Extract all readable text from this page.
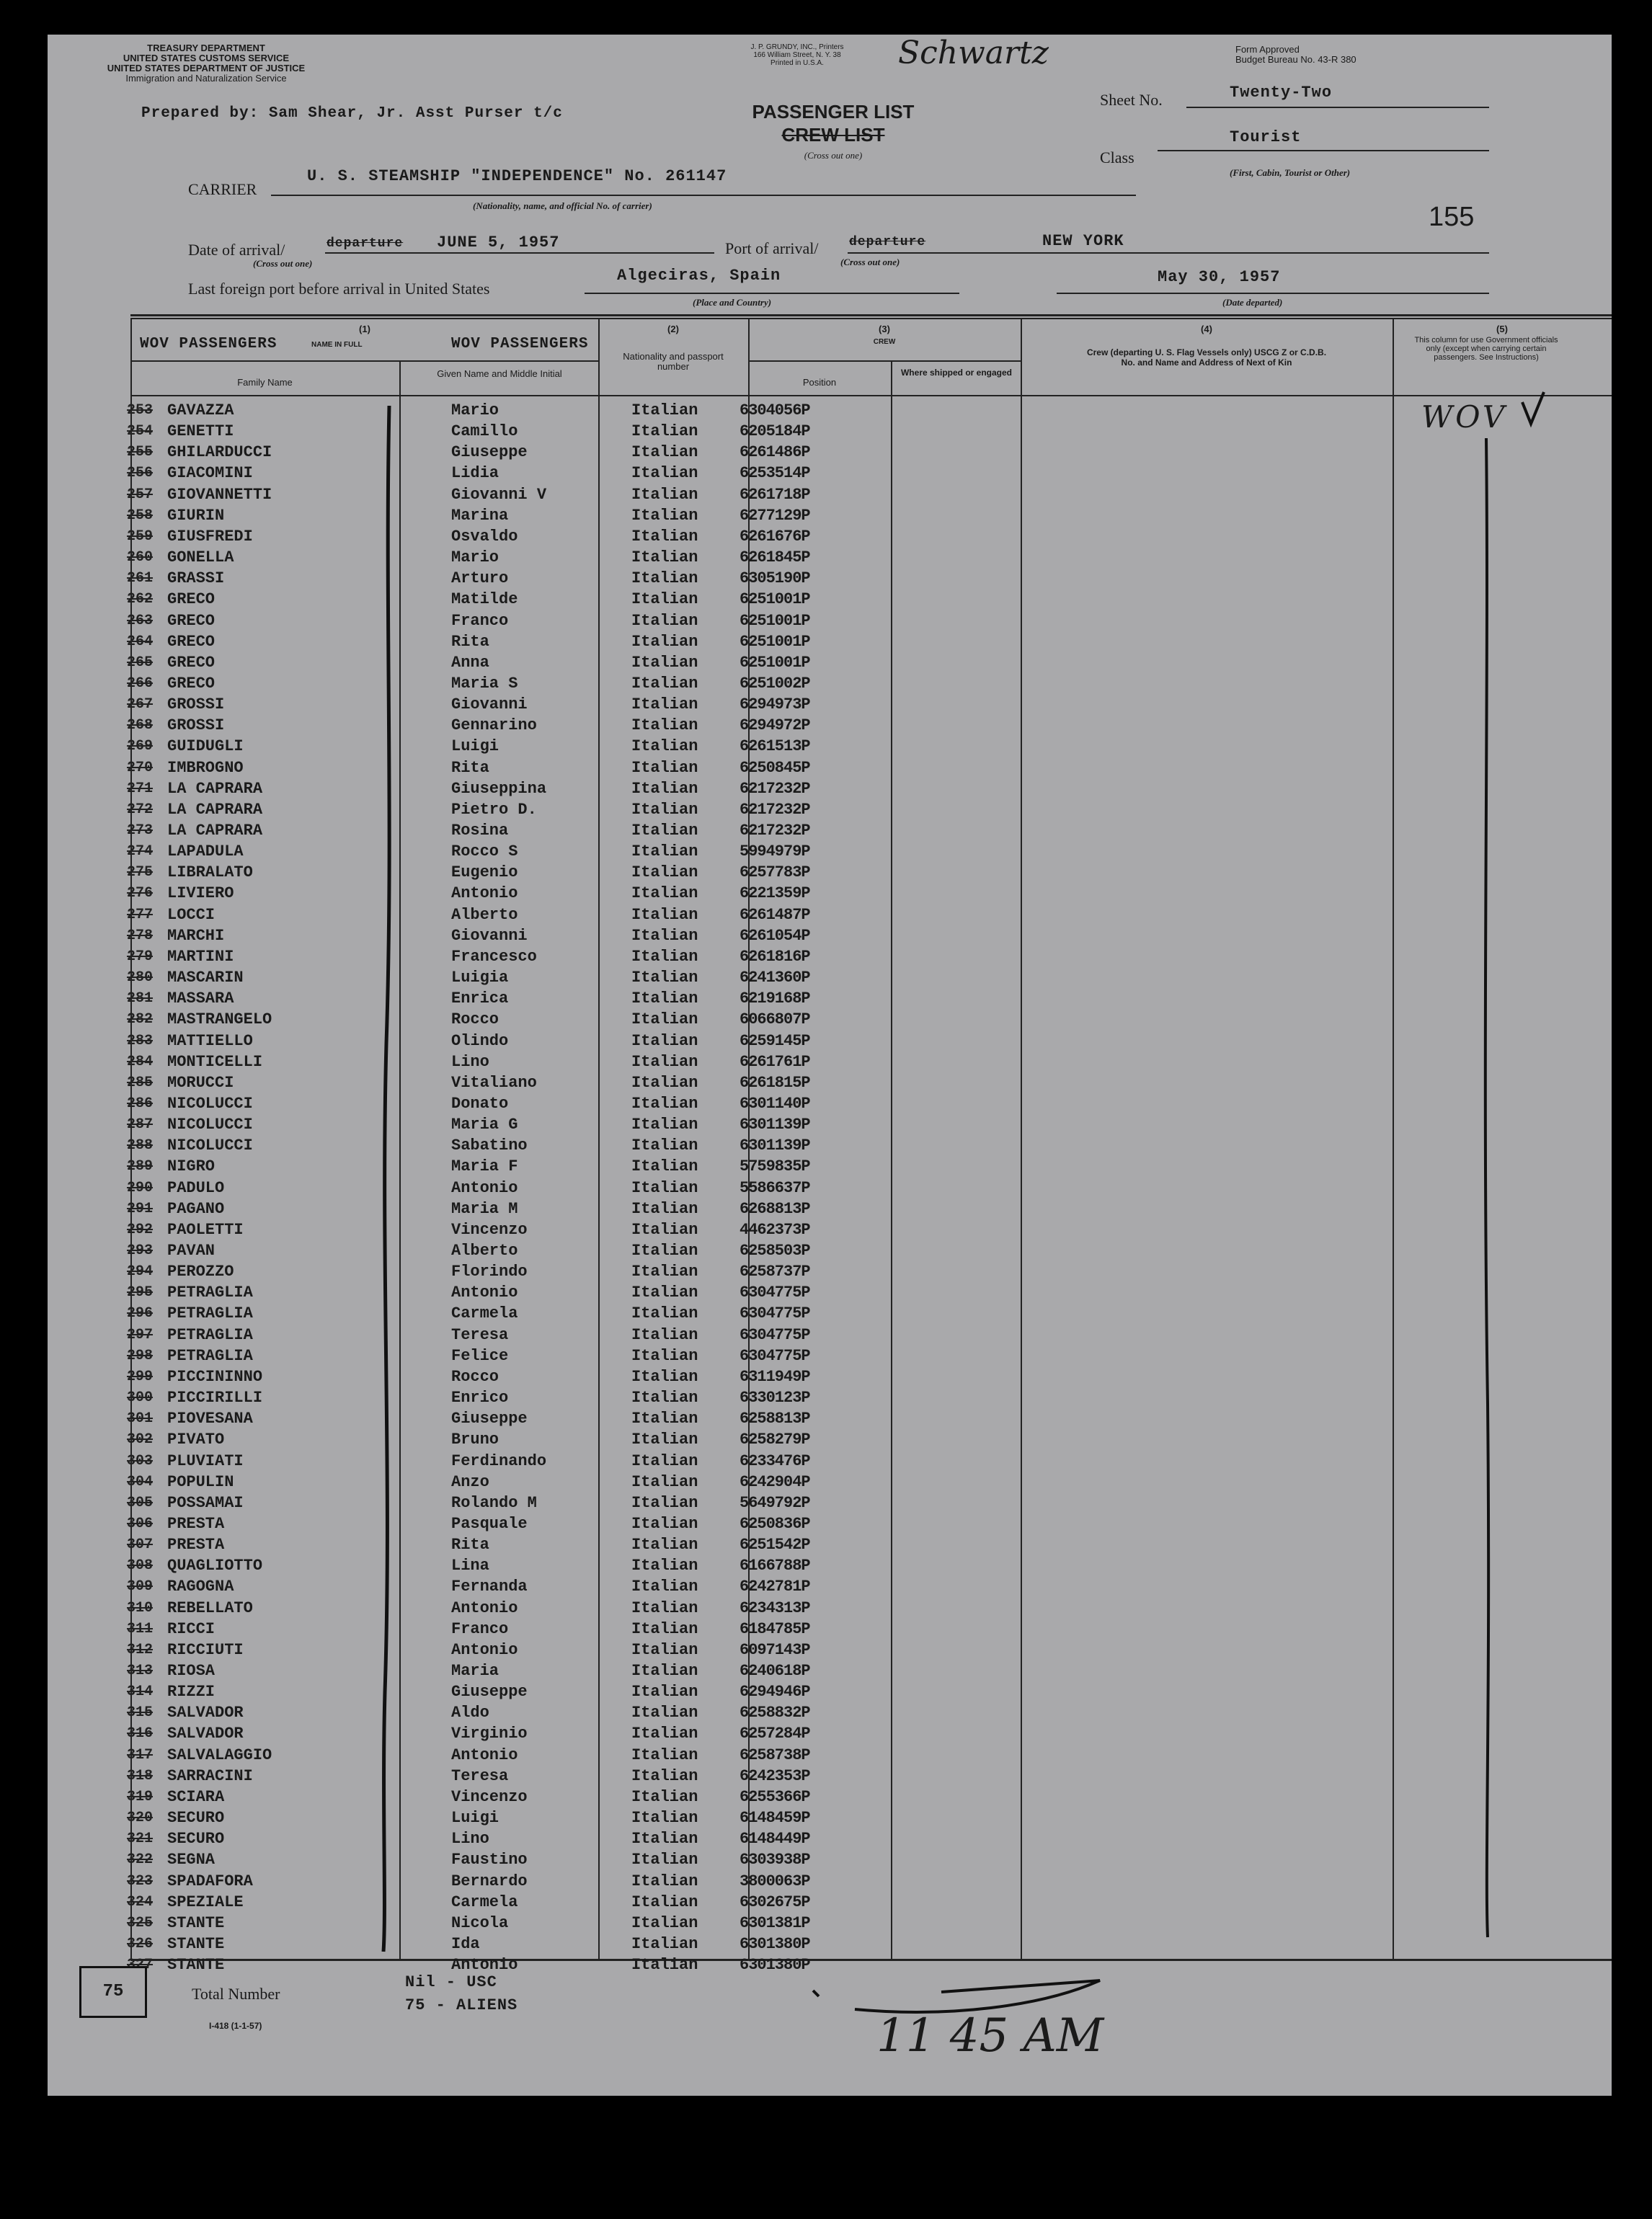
TREASURY DEPARTMENT
UNITED STATES CUSTOMS SERVICE
UNITED STATES DEPARTMENT OF JUSTICE
Immigration and Naturalization Service
J. P. GRUNDY, INC., Printers
166 William Street, N. Y. 38
Printed in U.S.A.	Schwartz	Form Approved
Budget Bureau No. 43-R 380
Prepared by: Sam Shear, Jr. Asst Purser t/c	PASSENGER LIST
CREW LIST
(Cross out one)
Sheet No.	Twenty-Two
Class
Tourist
(First, Cabin, Tourist or Other)
155
CARRIER
U. S. STEAMSHIP "INDEPENDENCE" No. 261147
(Nationality, name, and official No. of carrier)
Date of arrival/	departure JUNE 5, 1957
(Cross out one)
Port of arrival/ departure	NEW YORK
(Cross out one)
Last foreign port before arrival in United States
Algeciras, Spain
(Place and Country)
May 30, 1957
(Date departed)
(1)
WOV PASSENGERS	NAME IN FULL	WOV PASSENGERS
Family Name
Given Name and Middle Initial
(2)
Nationality and passport number
(3)
CREW
Position
Where shipped or engaged
(4)
Crew (departing U. S. Flag Vessels only) USCG Z or C.D.B. No. and Name and Address of Next of Kin
(5)
This column for use Government officials only (except when carrying certain passengers. See Instructions)
WOV
253 GAVAZZA	Mario	Italian	6304056P
254 GENETTI	Camillo	Italian	6205184P
255 GHILARDUCCI	Giuseppe	Italian	6261486P
256 GIACOMINI	Lidia	Italian	6253514P
257 GIOVANNETTI	Giovanni V	Italian	6261718P
258 GIURIN	Marina	Italian	6277129P
259 GIUSFREDI	Osvaldo	Italian	6261676P
260 GONELLA	Mario	Italian	6261845P
261 GRASSI	Arturo	Italian	6305190P
262 GRECO	Matilde	Italian	6251001P
263 GRECO	Franco	Italian	6251001P
264 GRECO	Rita	Italian	6251001P
265 GRECO	Anna	Italian	6251001P
266 GRECO	Maria S	Italian	6251002P
267 GROSSI	Giovanni	Italian	6294973P
268 GROSSI	Gennarino	Italian	6294972P
269 GUIDUGLI	Luigi	Italian	6261513P
270 IMBROGNO	Rita	Italian	6250845P
271 LA CAPRARA	Giuseppina	Italian	6217232P
272 LA CAPRARA	Pietro D.	Italian	6217232P
273 LA CAPRARA	Rosina	Italian	6217232P
274 LAPADULA	Rocco S	Italian	5994979P
275 LIBRALATO	Eugenio	Italian	6257783P
276 LIVIERO	Antonio	Italian	6221359P
277 LOCCI	Alberto	Italian	6261487P
278 MARCHI	Giovanni	Italian	6261054P
279 MARTINI	Francesco	Italian	6261816P
280 MASCARIN	Luigia	Italian	6241360P
281 MASSARA	Enrica	Italian	6219168P
282 MASTRANGELO	Rocco	Italian	6066807P
283 MATTIELLO	Olindo	Italian	6259145P
284 MONTICELLI	Lino	Italian	6261761P
285 MORUCCI	Vitaliano	Italian	6261815P
286 NICOLUCCI	Donato	Italian	6301140P
287 NICOLUCCI	Maria G	Italian	6301139P
288 NICOLUCCI	Sabatino	Italian	6301139P
289 NIGRO	Maria F	Italian	5759835P
290 PADULO	Antonio	Italian	5586637P
291 PAGANO	Maria M	Italian	6268813P
292 PAOLETTI	Vincenzo	Italian	4462373P
293 PAVAN	Alberto	Italian	6258503P
294 PEROZZO	Florindo	Italian	6258737P
295 PETRAGLIA	Antonio	Italian	6304775P
296 PETRAGLIA	Carmela	Italian	6304775P
297 PETRAGLIA	Teresa	Italian	6304775P
298 PETRAGLIA	Felice	Italian	6304775P
299 PICCININNO	Rocco	Italian	6311949P
300 PICCIRILLI	Enrico	Italian	6330123P
301 PIOVESANA	Giuseppe	Italian	6258813P
302 PIVATO	Bruno	Italian	6258279P
303 PLUVIATI	Ferdinando	Italian	6233476P
304 POPULIN	Anzo	Italian	6242904P
305 POSSAMAI	Rolando M	Italian	5649792P
306 PRESTA	Pasquale	Italian	6250836P
307 PRESTA	Rita	Italian	6251542P
308 QUAGLIOTTO	Lina	Italian	6166788P
309 RAGOGNA	Fernanda	Italian	6242781P
310 REBELLATO	Antonio	Italian	6234313P
311 RICCI	Franco	Italian	6184785P
312 RICCIUTI	Antonio	Italian	6097143P
313 RIOSA	Maria	Italian	6240618P
314 RIZZI	Giuseppe	Italian	6294946P
315 SALVADOR	Aldo	Italian	6258832P
316 SALVADOR	Virginio	Italian	6257284P
317 SALVALAGGIO	Antonio	Italian	6258738P
318 SARRACINI	Teresa	Italian	6242353P
319 SCIARA	Vincenzo	Italian	6255366P
320 SECURO	Luigi	Italian	6148459P
321 SECURO	Lino	Italian	6148449P
322 SEGNA	Faustino	Italian	6303938P
323 SPADAFORA	Bernardo	Italian	3800063P
324 SPEZIALE	Carmela	Italian	6302675P
325 STANTE	Nicola	Italian	6301381P
326 STANTE	Ida	Italian	6301380P
327 STANTE	Antonio	Italian	6301380P
75	Total Number
I-418 (1-1-57)
Nil - USC
75 - ALIENS
11 45 AM
